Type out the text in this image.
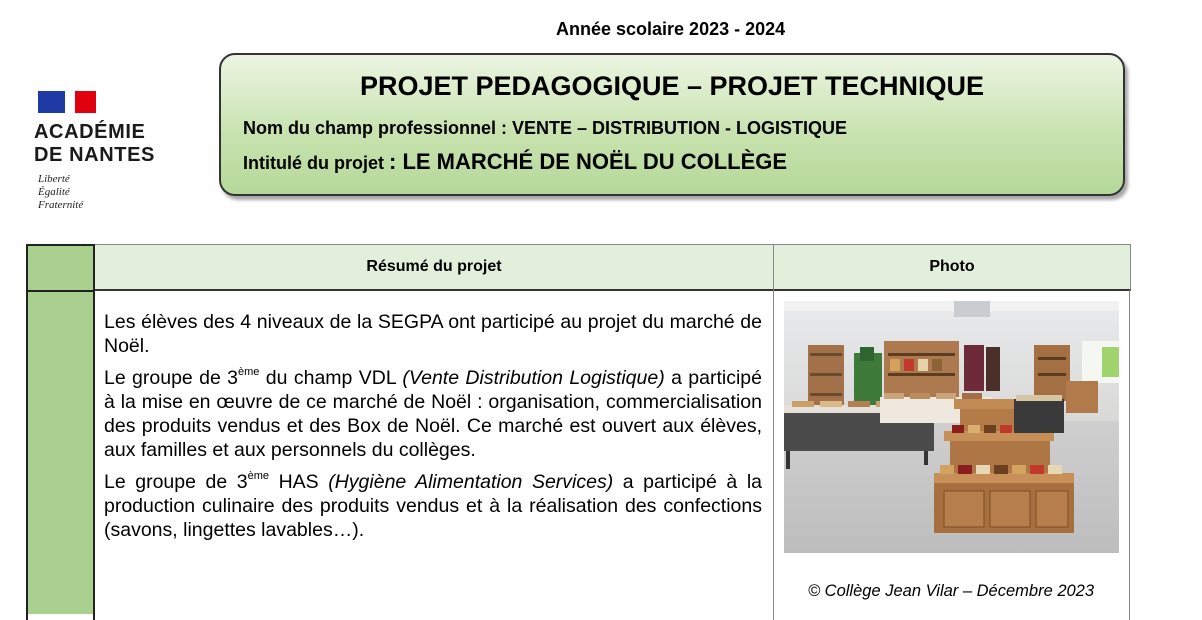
Année scolaire 2023 - 2024
ACADÉMIE
DE NANTES
Liberté
Égalité
Fraternité
PROJET PEDAGOGIQUE – PROJET TECHNIQUE
Nom du champ professionnel : VENTE – DISTRIBUTION - LOGISTIQUE
Intitulé du projet : LE MARCHÉ DE NOËL DU COLLÈGE
Résumé du projet	Photo

Les élèves des 4 niveaux de la SEGPA ont participé au projet du marché de Noël.

Le groupe de 3ème du champ VDL (Vente Distribution Logistique) a participé à la mise en œuvre de ce marché de Noël : organisation, commercialisation des produits vendus et des Box de Noël. Ce marché est ouvert aux élèves, aux familles et aux personnels du collèges.

Le groupe de 3ème HAS (Hygiène Alimentation Services) a participé à la production culinaire des produits vendus et à la réalisation des confections (savons, lingettes lavables…).

© Collège Jean Vilar – Décembre 2023
